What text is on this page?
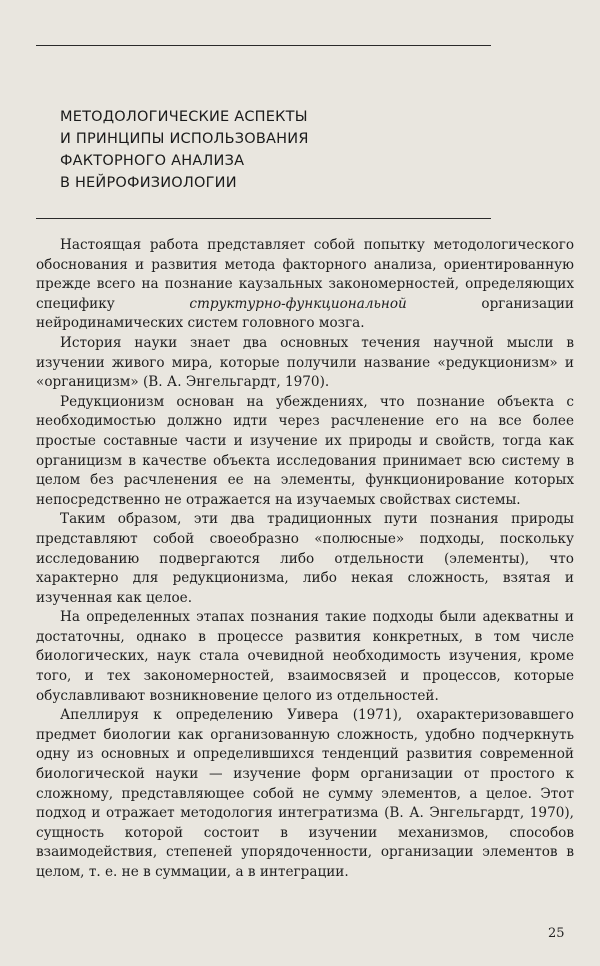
МЕТОДОЛОГИЧЕСКИЕ АСПЕКТЫ
И ПРИНЦИПЫ ИСПОЛЬЗОВАНИЯ
ФАКТОРНОГО АНАЛИЗА
В НЕЙРОФИЗИОЛОГИИ

Настоящая работа представляет собой попытку методологического обоснования и развития метода факторного анализа, ориентированную прежде всего на познание каузальных закономерностей, определяющих специфику структурно-функциональной организации нейродинамических систем головного мозга.

История науки знает два основных течения научной мысли в изучении живого мира, которые получили название «редукционизм» и «органицизм» (В. А. Энгельгардт, 1970).

Редукционизм основан на убеждениях, что познание объекта с необходимостью должно идти через расчленение его на все более простые составные части и изучение их природы и свойств, тогда как органицизм в качестве объекта исследования принимает всю систему в целом без расчленения ее на элементы, функционирование которых непосредственно не отражается на изучаемых свойствах системы.

Таким образом, эти два традиционных пути познания природы представляют собой своеобразно «полюсные» подходы, поскольку исследованию подвергаются либо отдельности (элементы), что характерно для редукционизма, либо некая сложность, взятая и изученная как целое.

На определенных этапах познания такие подходы были адекватны и достаточны, однако в процессе развития конкретных, в том числе биологических, наук стала очевидной необходимость изучения, кроме того, и тех закономерностей, взаимосвязей и процессов, которые обуславливают возникновение целого из отдельностей.

Апеллируя к определению Уивера (1971), охарактеризовавшего предмет биологии как организованную сложность, удобно подчеркнуть одну из основных и определившихся тенденций развития современной биологической науки — изучение форм организации от простого к сложному, представляющее собой не сумму элементов, а целое. Этот подход и отражает методология интегратизма (В. А. Энгельгардт, 1970), сущность которой состоит в изучении механизмов, способов взаимодействия, степеней упорядоченности, организации элементов в целом, т. е. не в суммации, а в интеграции.

25
